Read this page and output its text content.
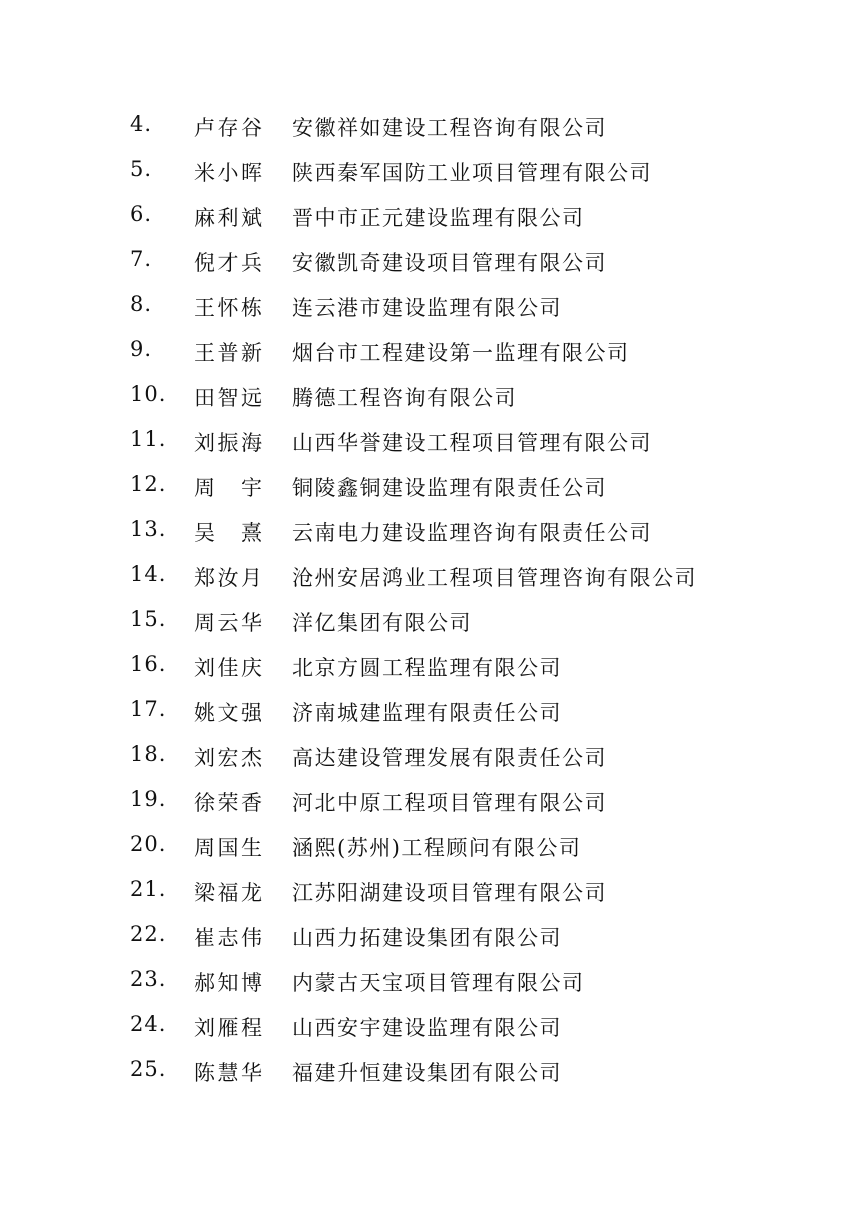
4. 卢存谷 安徽祥如建设工程咨询有限公司
5. 米小晖 陕西秦军国防工业项目管理有限公司
6. 麻利斌 晋中市正元建设监理有限公司
7. 倪才兵 安徽凯奇建设项目管理有限公司
8. 王怀栋 连云港市建设监理有限公司
9. 王普新 烟台市工程建设第一监理有限公司
10. 田智远 腾德工程咨询有限公司
11. 刘振海 山西华誉建设工程项目管理有限公司
12. 周　宇 铜陵鑫铜建设监理有限责任公司
13. 吴　熹 云南电力建设监理咨询有限责任公司
14. 郑汝月 沧州安居鸿业工程项目管理咨询有限公司
15. 周云华 洋亿集团有限公司
16. 刘佳庆 北京方圆工程监理有限公司
17. 姚文强 济南城建监理有限责任公司
18. 刘宏杰 高达建设管理发展有限责任公司
19. 徐荣香 河北中原工程项目管理有限公司
20. 周国生 涵熙(苏州)工程顾问有限公司
21. 梁福龙 江苏阳湖建设项目管理有限公司
22. 崔志伟 山西力拓建设集团有限公司
23. 郝知博 内蒙古天宝项目管理有限公司
24. 刘雁程 山西安宇建设监理有限公司
25. 陈慧华 福建升恒建设集团有限公司
